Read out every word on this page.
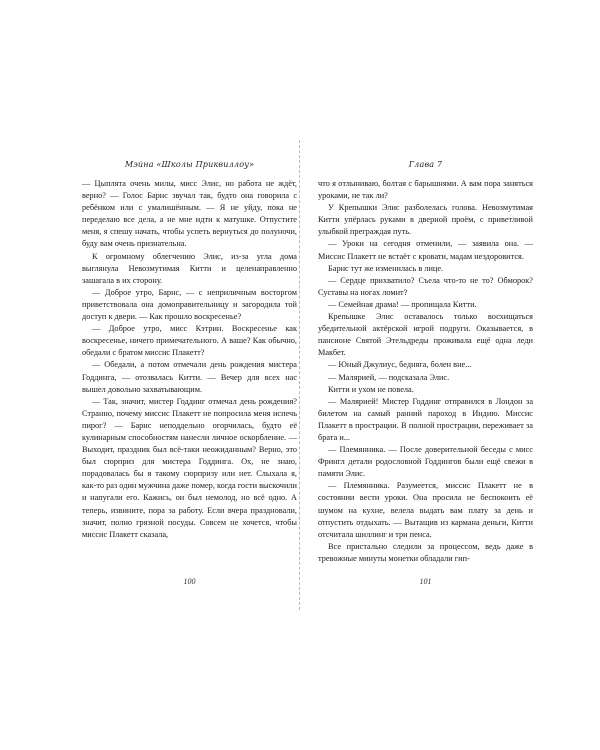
Мэйна «Школы Приквиллоу»

— Цыплята очень милы, мисс Элис, но работа не ждёт, верно? — Голос Барнс звучал так, будто она говорила с ребёнком или с умалишённым. — Я не уйду, пока не переделаю все дела, а не мне идти к матушке. Отпустите меня, я спешу начать, чтобы успеть вернуться до полуночи, буду вам очень признательна.

К огромному облегчению Элис, из-за угла дома выглянула Невозмутимая Китти и целенаправленно зашагала в их сторону.

— Доброе утро, Барнс, — с неприличным восторгом приветствовала она домоправительницу и загородила той доступ к двери. — Как прошло воскресенье?

— Доброе утро, мисс Кэтрин. Воскресенье как воскресенье, ничего примечательного. А ваше? Как обычно, обедали с братом миссис Плакетт?

— Обедали, а потом отмечали день рождения мистера Годдинга, — отозвалась Китти. — Вечер для всех нас вышел довольно захватывающим.

— Так, значит, мистер Годдинг отмечал день рождения? Странно, почему миссис Плакетт не попросила меня испечь пирог? — Барнс неподдельно огорчилась, будто её кулинарным способностям нанесли личное оскорбление. — Выходит, праздник был всё-таки неожиданным? Верно, это был сюрприз для мистера Годдинга. Ох, не знаю, порадовалась бы я такому сюрпризу или нет. Слыхала я, как-то раз один мужчина даже помер, когда гости выскочили и напугали его. Кажись, он был немолод, но всё одно. А теперь, извините, пора за работу. Если вчера праздновали, значит, полно грязной посуды. Совсем не хочется, чтобы миссис Плакетт сказала,

100
Глава 7

что я отлыниваю, болтая с барышнями. А вам пора заняться уроками, не так ли?

У Крепышки Элис разболелась голова. Невозмутимая Китти упёрлась руками в дверной проём, с приветливой улыбкой преграждая путь.

— Уроки на сегодня отменили, — заявила она. — Миссис Плакетт не встаёт с кровати, мадам нездоровится.

Барнс тут же изменилась в лице.

— Сердце прихватило? Съела что-то не то? Обморок? Суставы на ногах ломит?

— Семейная драма! — пропищала Китти.

Крепышке Элис оставалось только восхищаться убедительной актёрской игрой подруги. Оказывается, в пансионе Святой Этельдреды проживала ещё одна леди Макбет.

— Юный Джулиус, бедняга, болен вне...

— Малярией, — подсказала Элис.

Китти и ухом не повела.

— Малярией! Мистер Годдинг отправился в Лондон за билетом на самый ранний пароход в Индию. Миссис Плакетт в прострации. В полной прострации, переживает за брата и...

— Племянника. — После доверительной беседы с мисс Фрингл детали родословной Годдингов были ещё свежи в памяти Элис.

— Племянника. Разумеется, миссис Плакетт не в состоянии вести уроки. Она просила не беспокоить её шумом на кухне, велела выдать вам плату за день и отпустить отдыхать. — Вытащив из кармана деньги, Китти отсчитала шиллинг и три пенса.

Все пристально следили за процессом, ведь даже в тревожные минуты монетки обладали гип-

101
